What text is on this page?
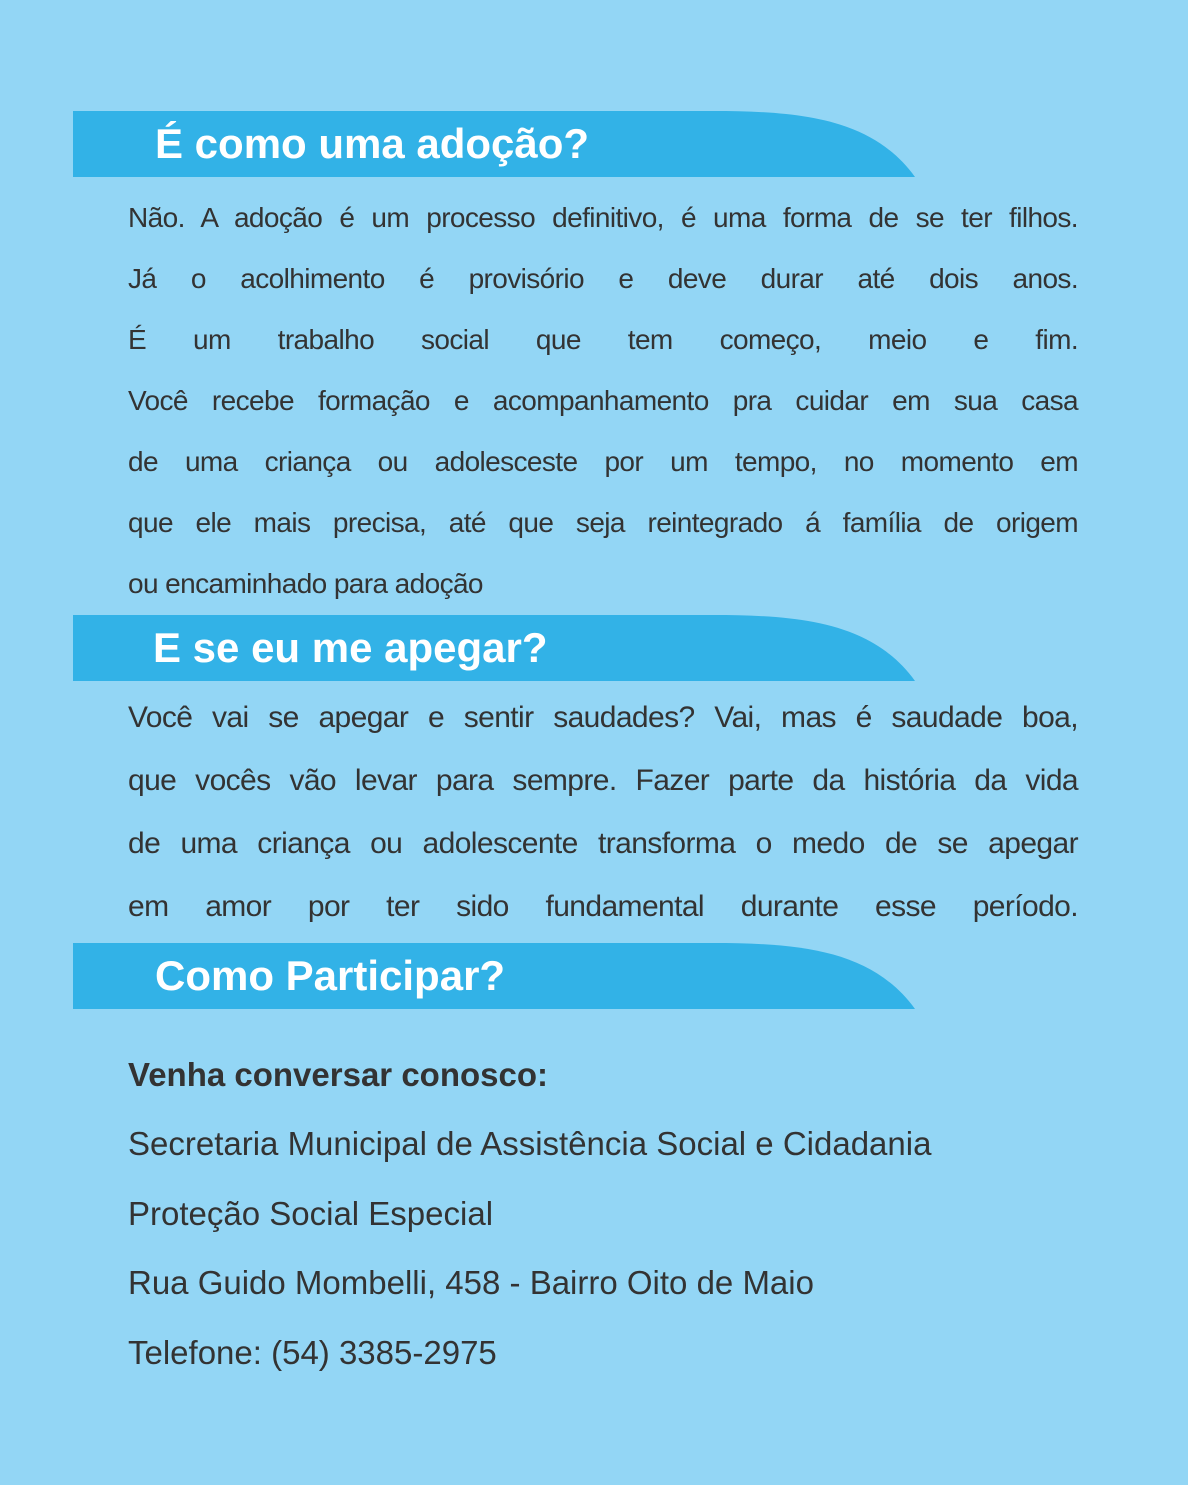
É como uma adoção?
Não. A adoção é um processo definitivo, é uma forma de se ter filhos.
Já o acolhimento é provisório e deve durar até dois anos.
É um trabalho social que tem começo, meio e fim.
Você recebe formação e acompanhamento pra cuidar em sua casa
de uma criança ou adolesceste por um tempo, no momento em
que ele mais precisa, até que seja reintegrado á família de origem
ou encaminhado para adoção
E se eu me apegar?
Você vai se apegar e sentir saudades? Vai, mas é saudade boa,
que vocês vão levar para sempre. Fazer parte da história da vida
de uma criança ou adolescente transforma o medo de se apegar
em amor por ter sido fundamental durante esse período.
Como Participar?

Venha conversar conosco:

Secretaria Municipal de Assistência Social e Cidadania

Proteção Social Especial

Rua Guido Mombelli, 458 - Bairro Oito de Maio

Telefone: (54) 3385-2975
